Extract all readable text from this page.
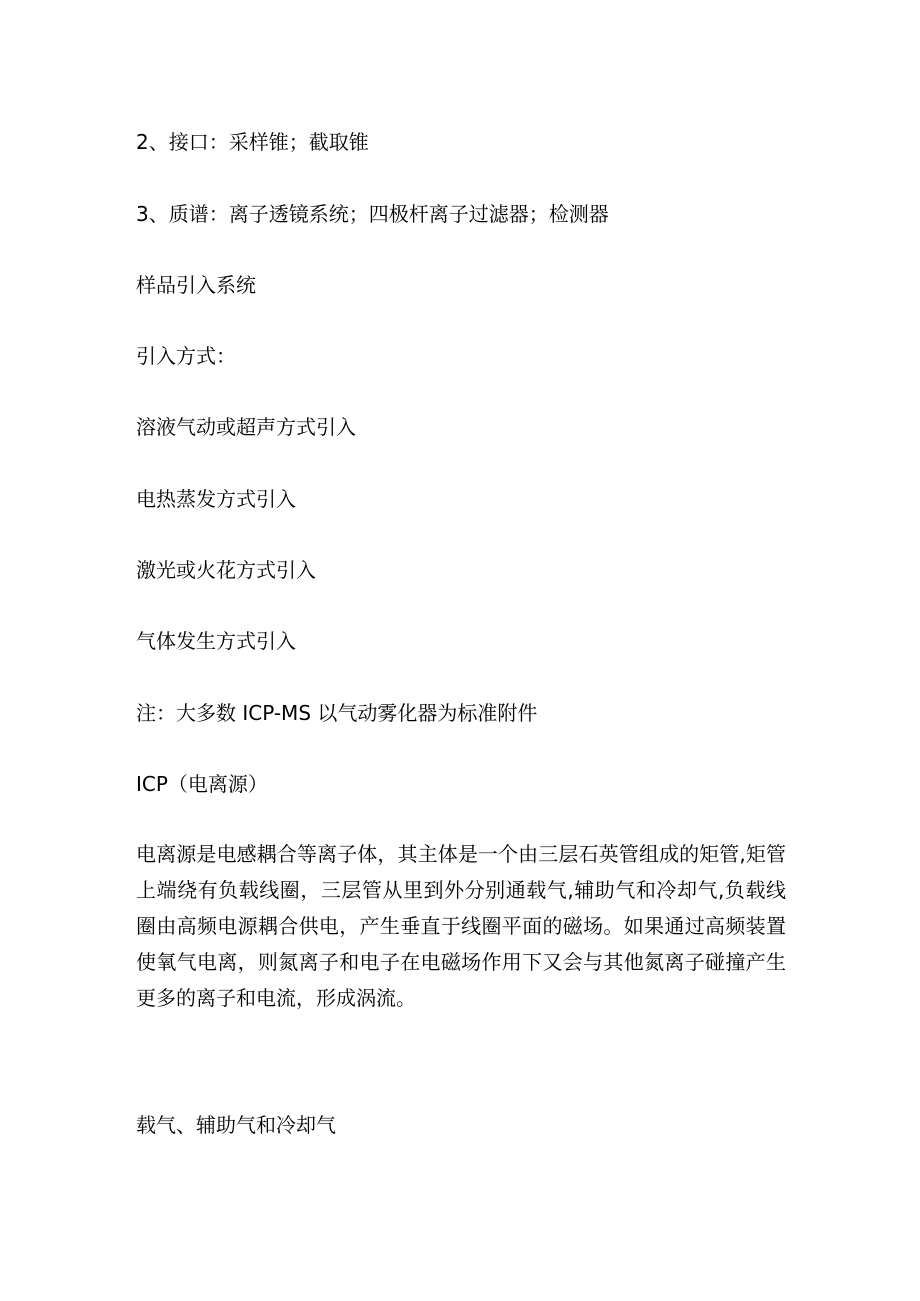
2、接口：采样锥；截取锥

3、质谱：离子透镜系统；四极杆离子过滤器；检测器

样品引入系统

引入方式：

溶液气动或超声方式引入

电热蒸发方式引入

激光或火花方式引入

气体发生方式引入

注：大多数 ICP-MS 以气动雾化器为标准附件

ICP（电离源）

电离源是电感耦合等离子体，其主体是一个由三层石英管组成的矩管,矩管上端绕有负载线圈，三层管从里到外分别通载气,辅助气和冷却气,负载线圈由高频电源耦合供电，产生垂直于线圈平面的磁场。如果通过高频装置使氧气电离，则氮离子和电子在电磁场作用下又会与其他氮离子碰撞产生更多的离子和电流，形成涡流。

载气、辅助气和冷却气
